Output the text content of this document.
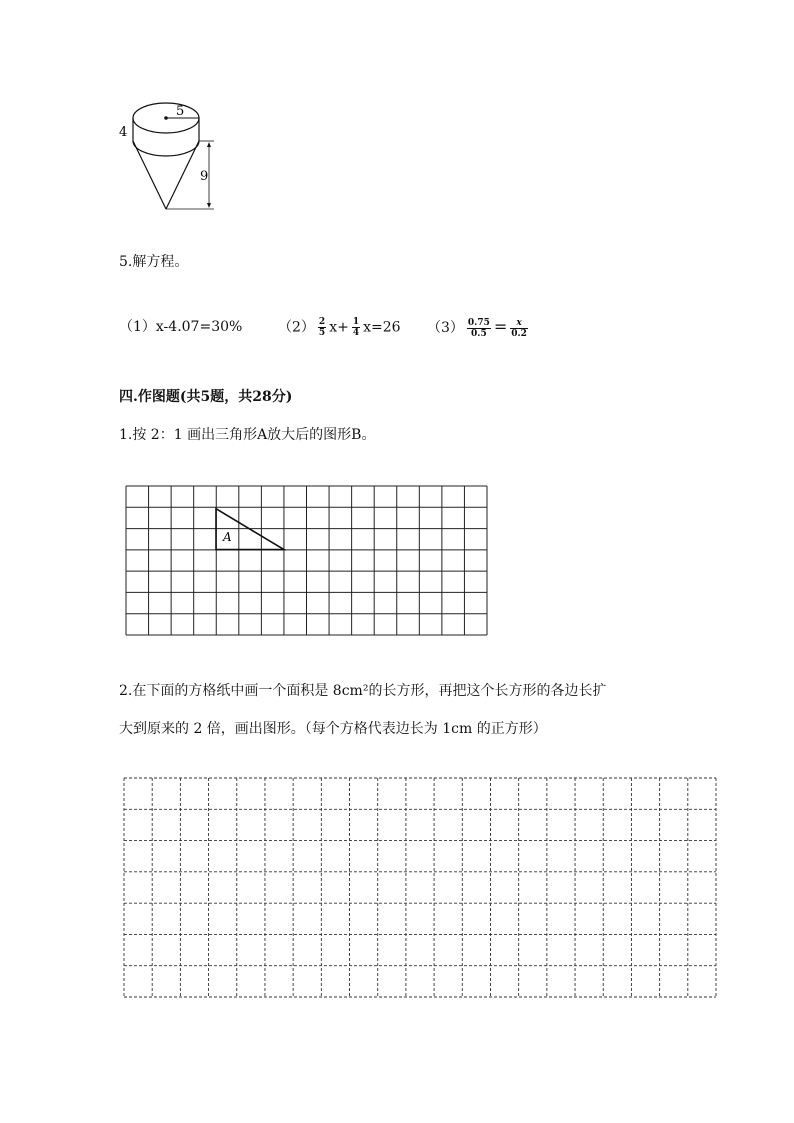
5
4
9
5.解方程。
（1）x-4.07=30%	$(2) \frac{2}{5} x+ \frac{1}{4} x=26$ $(3) \frac{0.75}{0.5} = \frac{x}{0.2}$
四.作图题(共5题，共28分)
1.按 2：1 画出三角形A放大后的图形B。
A
2.在下面的方格纸中画一个面积是 8cm²的长方形，再把这个长方形的各边长扩
大到原来的 2 倍，画出图形。（每个方格代表边长为 1cm 的正方形）
